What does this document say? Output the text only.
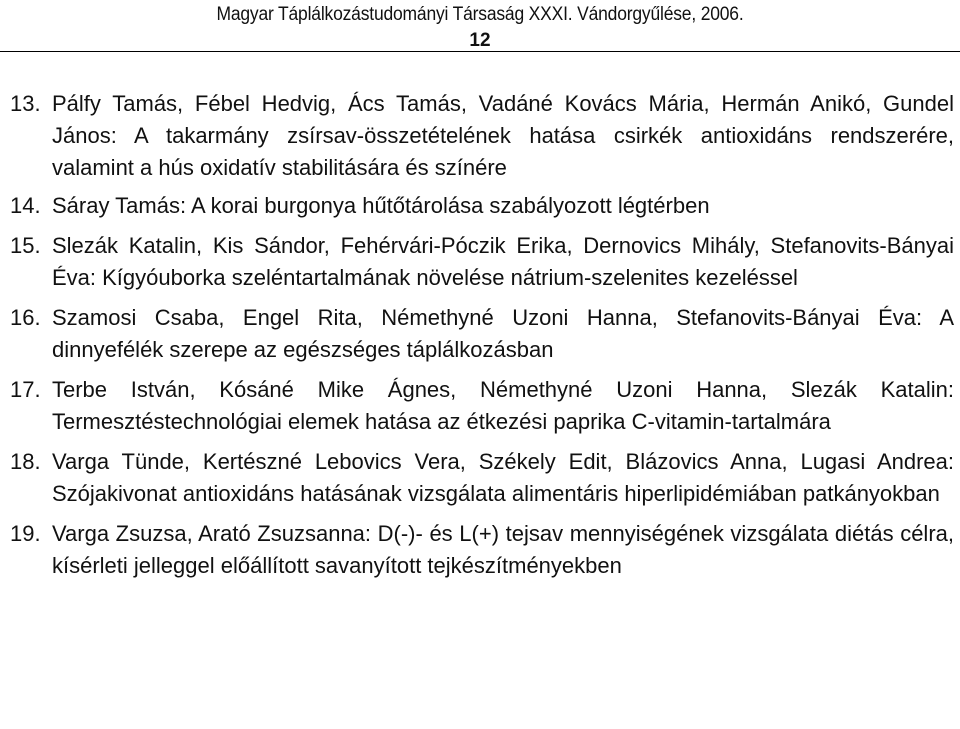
Magyar Táplálkozástudományi Társaság XXXI. Vándorgyűlése, 2006.
12
13. Pálfy Tamás, Fébel Hedvig, Ács Tamás, Vadáné Kovács Mária, Hermán Anikó, Gundel János: A takarmány zsírsav-összetételének hatása csirkék antioxidáns rendszerére, valamint a hús oxidatív stabilitására és színére
14. Sáray Tamás: A korai burgonya hűtőtárolása szabályozott légtérben
15. Slezák Katalin, Kis Sándor, Fehérvári-Póczik Erika, Dernovics Mihály, Stefanovits-Bányai Éva: Kígyóuborka szeléntartalmának növelése nátrium-szelenites kezeléssel
16. Szamosi Csaba, Engel Rita, Némethyné Uzoni Hanna, Stefanovits-Bányai Éva: A dinnyefélék szerepe az egészséges táplálkozásban
17. Terbe István, Kósáné Mike Ágnes, Némethyné Uzoni Hanna, Slezák Katalin: Termesztéstechnológiai elemek hatása az étkezési paprika C-vitamin-tartalmára
18. Varga Tünde, Kertészné Lebovics Vera, Székely Edit, Blázovics Anna, Lugasi Andrea: Szójakivonat antioxidáns hatásának vizsgálata alimentáris hiperlipidémiában patkányokban
19. Varga Zsuzsa, Arató Zsuzsanna: D(-)- és L(+) tejsav mennyiségének vizsgálata diétás célra, kísérleti jelleggel előállított savanyított tejkészítményekben
